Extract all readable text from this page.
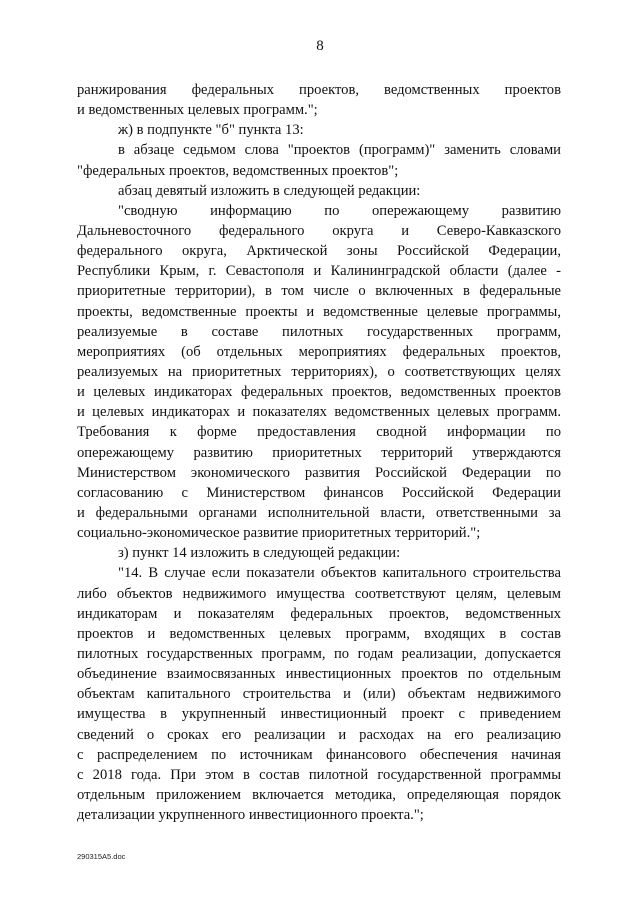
8
ранжирования федеральных проектов, ведомственных проектов
и ведомственных целевых программ.";
ж) в подпункте "б" пункта 13:
в абзаце седьмом слова "проектов (программ)" заменить словами
"федеральных проектов, ведомственных проектов";
абзац девятый изложить в следующей редакции:
"сводную информацию по опережающему развитию
Дальневосточного федерального округа и Северо-Кавказского
федерального округа, Арктической зоны Российской Федерации,
Республики Крым, г. Севастополя и Калининградской области (далее -
приоритетные территории), в том числе о включенных в федеральные
проекты, ведомственные проекты и ведомственные целевые программы,
реализуемые в составе пилотных государственных программ,
мероприятиях (об отдельных мероприятиях федеральных проектов,
реализуемых на приоритетных территориях), о соответствующих целях
и целевых индикаторах федеральных проектов, ведомственных проектов
и целевых индикаторах и показателях ведомственных целевых программ.
Требования к форме предоставления сводной информации по
опережающему развитию приоритетных территорий утверждаются
Министерством экономического развития Российской Федерации по
согласованию с Министерством финансов Российской Федерации
и федеральными органами исполнительной власти, ответственными за
социально-экономическое развитие приоритетных территорий.";
з) пункт 14 изложить в следующей редакции:
"14. В случае если показатели объектов капитального строительства
либо объектов недвижимого имущества соответствуют целям, целевым
индикаторам и показателям федеральных проектов, ведомственных
проектов и ведомственных целевых программ, входящих в состав
пилотных государственных программ, по годам реализации, допускается
объединение взаимосвязанных инвестиционных проектов по отдельным
объектам капитального строительства и (или) объектам недвижимого
имущества в укрупненный инвестиционный проект с приведением
сведений о сроках его реализации и расходах на его реализацию
с распределением по источникам финансового обеспечения начиная
с 2018 года. При этом в состав пилотной государственной программы
отдельным приложением включается методика, определяющая порядок
детализации укрупненного инвестиционного проекта.";
290315А5.doc
